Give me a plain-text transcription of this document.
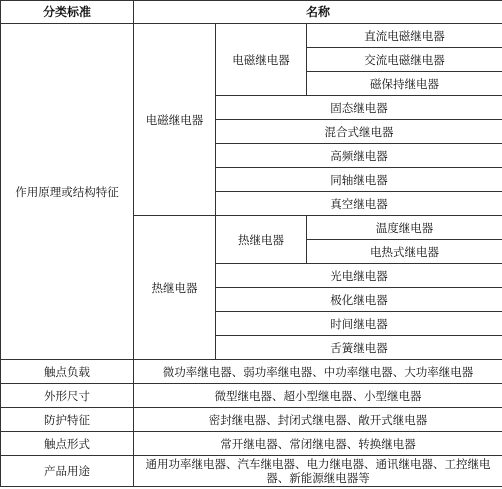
分类标准	名称		
作用原理或结构特征	电磁继电器	电磁继电器	直流电磁继电器
			交流电磁继电器
			磁保持继电器
		固态继电器	
		混合式继电器	
		高频继电器	
		同轴继电器	
		真空继电器	
	热继电器	热继电器	温度继电器
			电热式继电器
		光电继电器	
		极化继电器	
		时间继电器	
		舌簧继电器	
触点负载	微功率继电器、弱功率继电器、中功率继电器、大功率继电器		
外形尺寸	微型继电器、超小型继电器、小型继电器		
防护特征	密封继电器、封闭式继电器、敞开式继电器		
触点形式	常开继电器、常闭继电器、转换继电器		
产品用途	通用功率继电器、汽车继电器、电力继电器、通讯继电器、工控继电器、新能源继电器等		
